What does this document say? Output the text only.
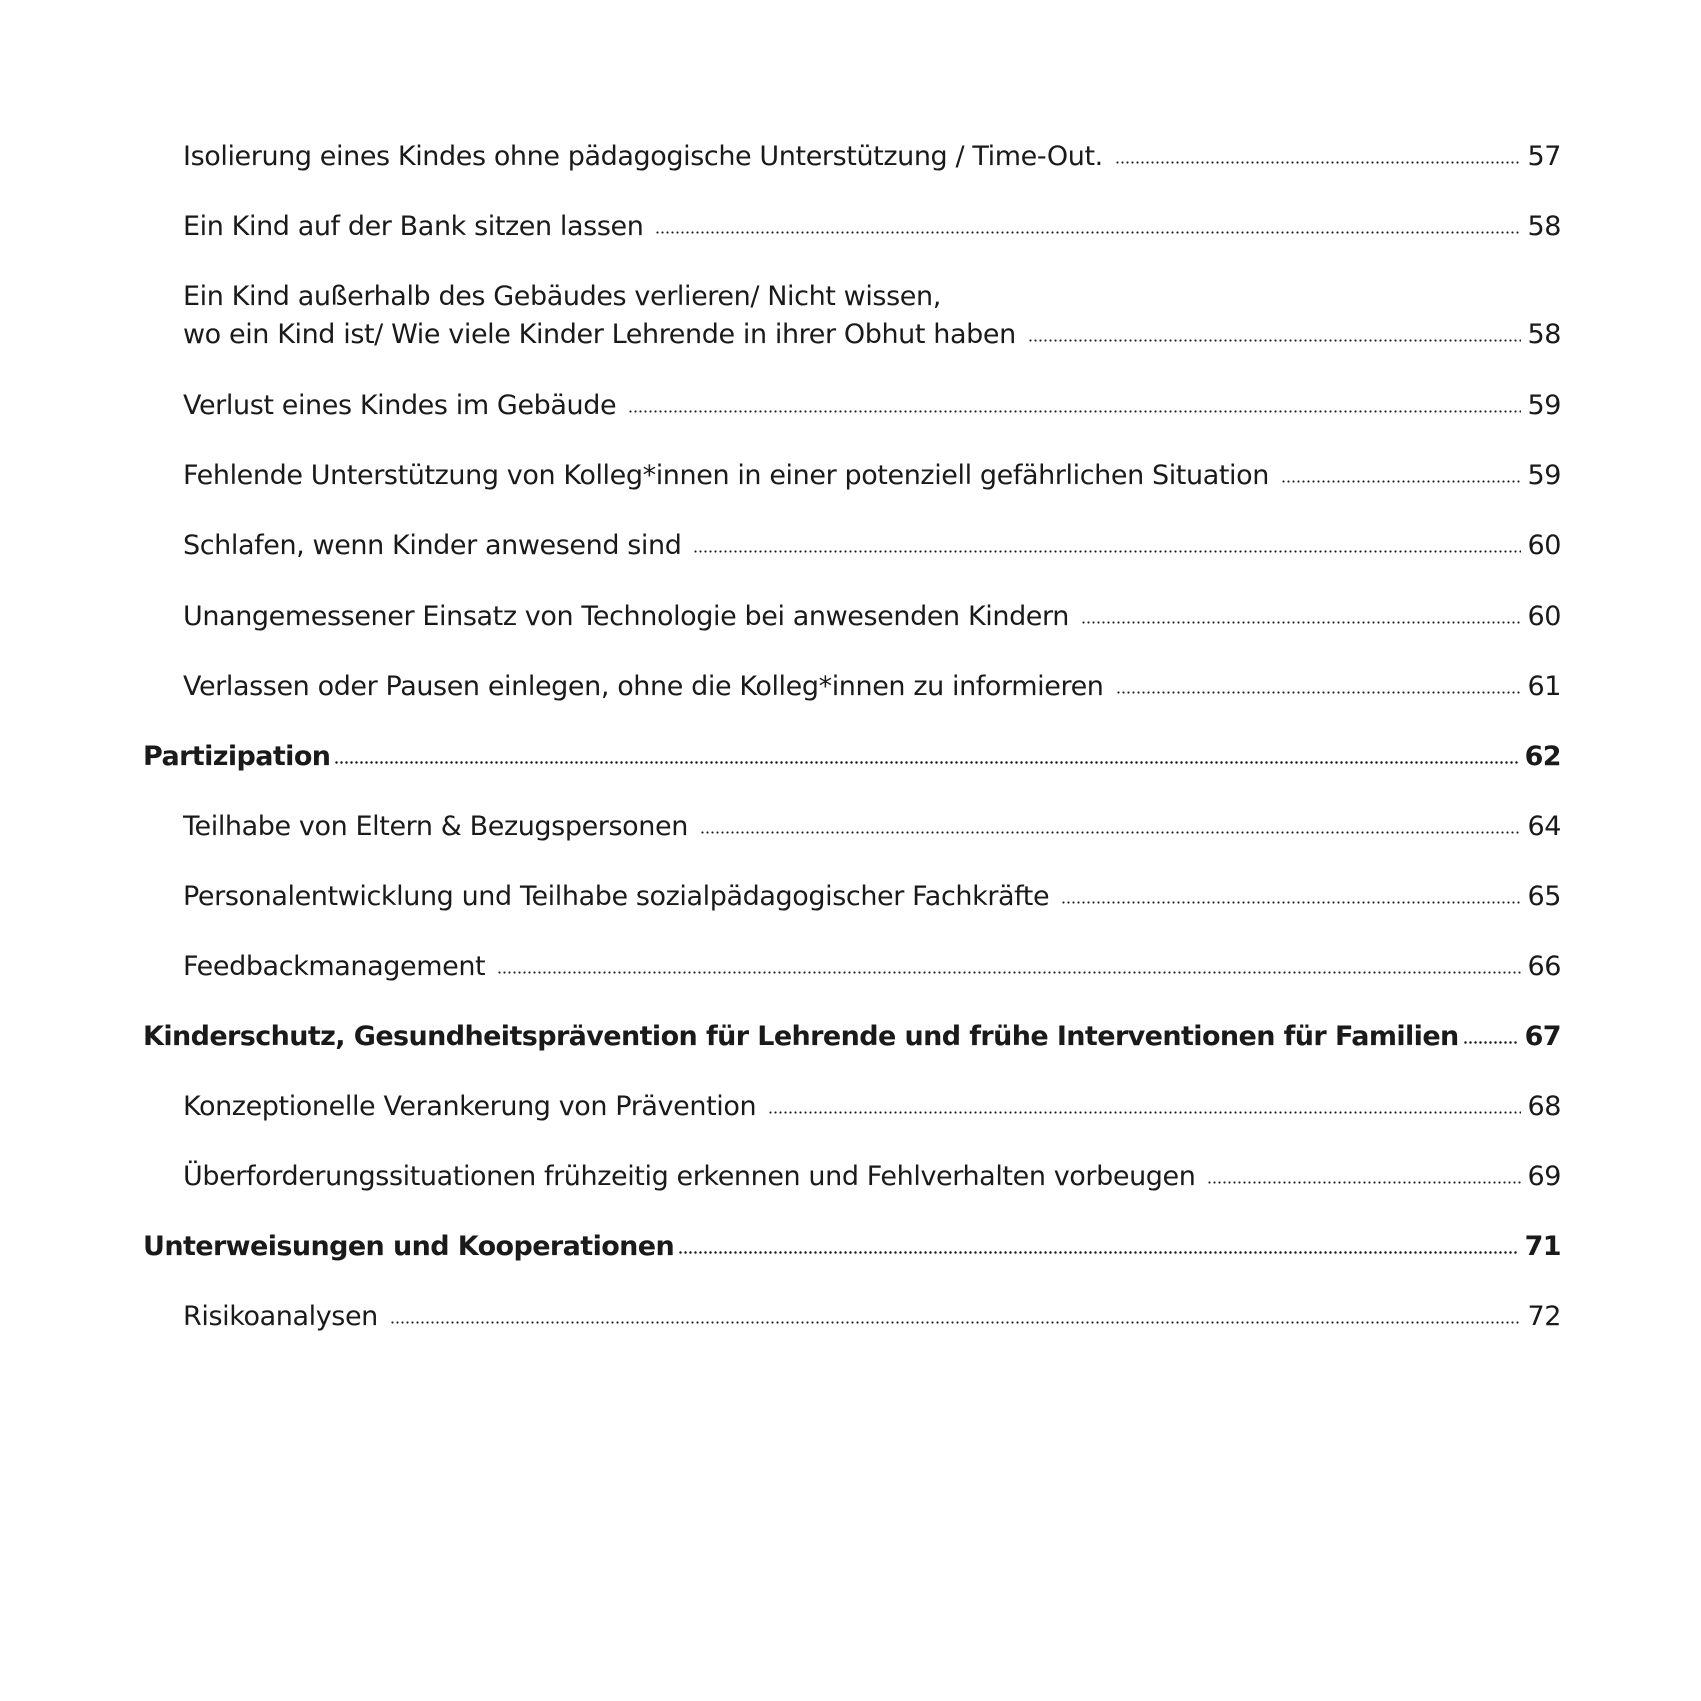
Isolierung eines Kindes ohne pädagogische Unterstützung / Time-Out.	57
Ein Kind auf der Bank sitzen lassen	58
Ein Kind außerhalb des Gebäudes verlieren/ Nicht wissen,
wo ein Kind ist/ Wie viele Kinder Lehrende in ihrer Obhut haben	58
Verlust eines Kindes im Gebäude	59
Fehlende Unterstützung von Kolleg*innen in einer potenziell gefährlichen Situation	59
Schlafen, wenn Kinder anwesend sind	60
Unangemessener Einsatz von Technologie bei anwesenden Kindern	60
Verlassen oder Pausen einlegen, ohne die Kolleg*innen zu informieren	61
Partizipation	62
Teilhabe von Eltern & Bezugspersonen	64
Personalentwicklung und Teilhabe sozialpädagogischer Fachkräfte	65
Feedbackmanagement	66
Kinderschutz, Gesundheitsprävention für Lehrende und frühe Interventionen für Familien 67
Konzeptionelle Verankerung von Prävention	68
Überforderungssituationen frühzeitig erkennen und Fehlverhalten vorbeugen	69
Unterweisungen und Kooperationen	71
Risikoanalysen	72
